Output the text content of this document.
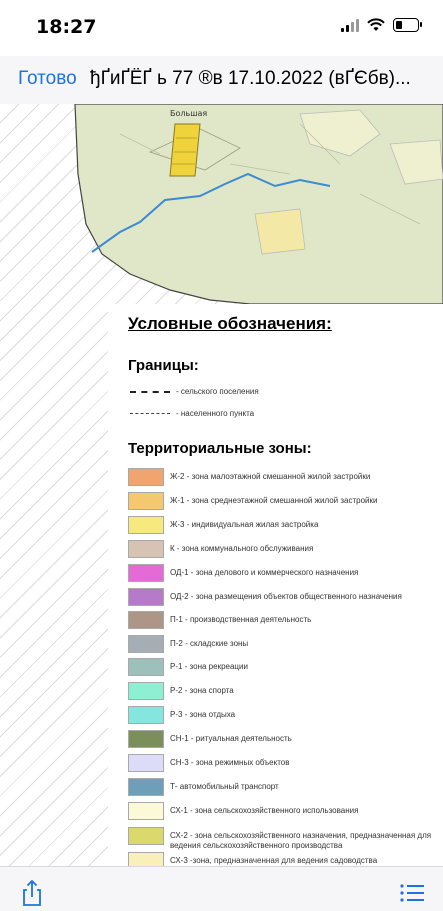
18:27
Готово ђҐиҐЁҐ ь 77 ®в 17.10.2022 (вҐЄбв)...
Большая
Условные обозначения:
Границы:
- сельского поселения
- населенного пункта
Территориальные зоны:
Ж-2 - зона малоэтажной смешанной жилой застройки
Ж-1 - зона среднеэтажной смешанной жилой застройки
Ж-3 - индивидуальная жилая застройка
К - зона коммунального обслуживания
ОД-1 - зона делового и коммерческого назначения
ОД-2 - зона размещения объектов общественного назначения
П-1 - производственная деятельность
П-2 - складские зоны
Р-1 - зона рекреации
Р-2 - зона спорта
Р-3 - зона отдыха
СН-1 - ритуальная деятельность
СН-3 - зона режимных объектов
Т- автомобильный транспорт
СХ-1 - зона сельскохозяйственного использования
СХ-2 - зона сельскохозяйственного назначения, предназначенная для ведения сельскохозяйственного производства
СХ-3 -зона, предназначенная для ведения садоводства
